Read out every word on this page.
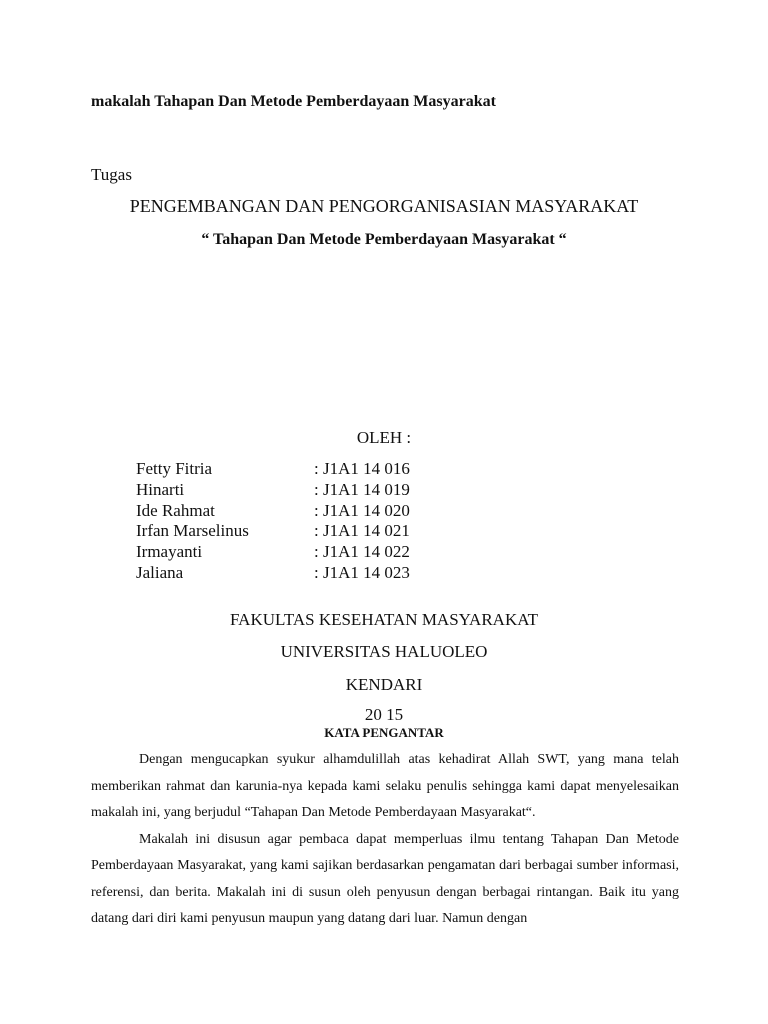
makalah Tahapan Dan Metode Pemberdayaan Masyarakat
Tugas
PENGEMBANGAN DAN PENGORGANISASIAN MASYARAKAT
“ Tahapan Dan Metode Pemberdayaan Masyarakat “
OLEH :
Fetty Fitria	: J1A1 14 016
Hinarti	: J1A1 14 019
Ide Rahmat	: J1A1 14 020
Irfan Marselinus	: J1A1 14 021
Irmayanti	: J1A1 14 022
Jaliana	: J1A1 14 023
FAKULTAS KESEHATAN MASYARAKAT
UNIVERSITAS HALUOLEO
KENDARI
20 15
KATA PENGANTAR

Dengan mengucapkan syukur alhamdulillah atas kehadirat Allah SWT, yang mana telah memberikan rahmat dan karunia-nya kepada kami selaku penulis sehingga kami dapat menyelesaikan makalah ini, yang berjudul “Tahapan Dan Metode Pemberdayaan Masyarakat“.

Makalah ini disusun agar pembaca dapat memperluas ilmu tentang Tahapan Dan Metode Pemberdayaan Masyarakat, yang kami sajikan berdasarkan pengamatan dari berbagai sumber informasi, referensi, dan berita. Makalah ini di susun oleh penyusun dengan berbagai rintangan. Baik itu yang datang dari diri kami penyusun maupun yang datang dari luar. Namun dengan
